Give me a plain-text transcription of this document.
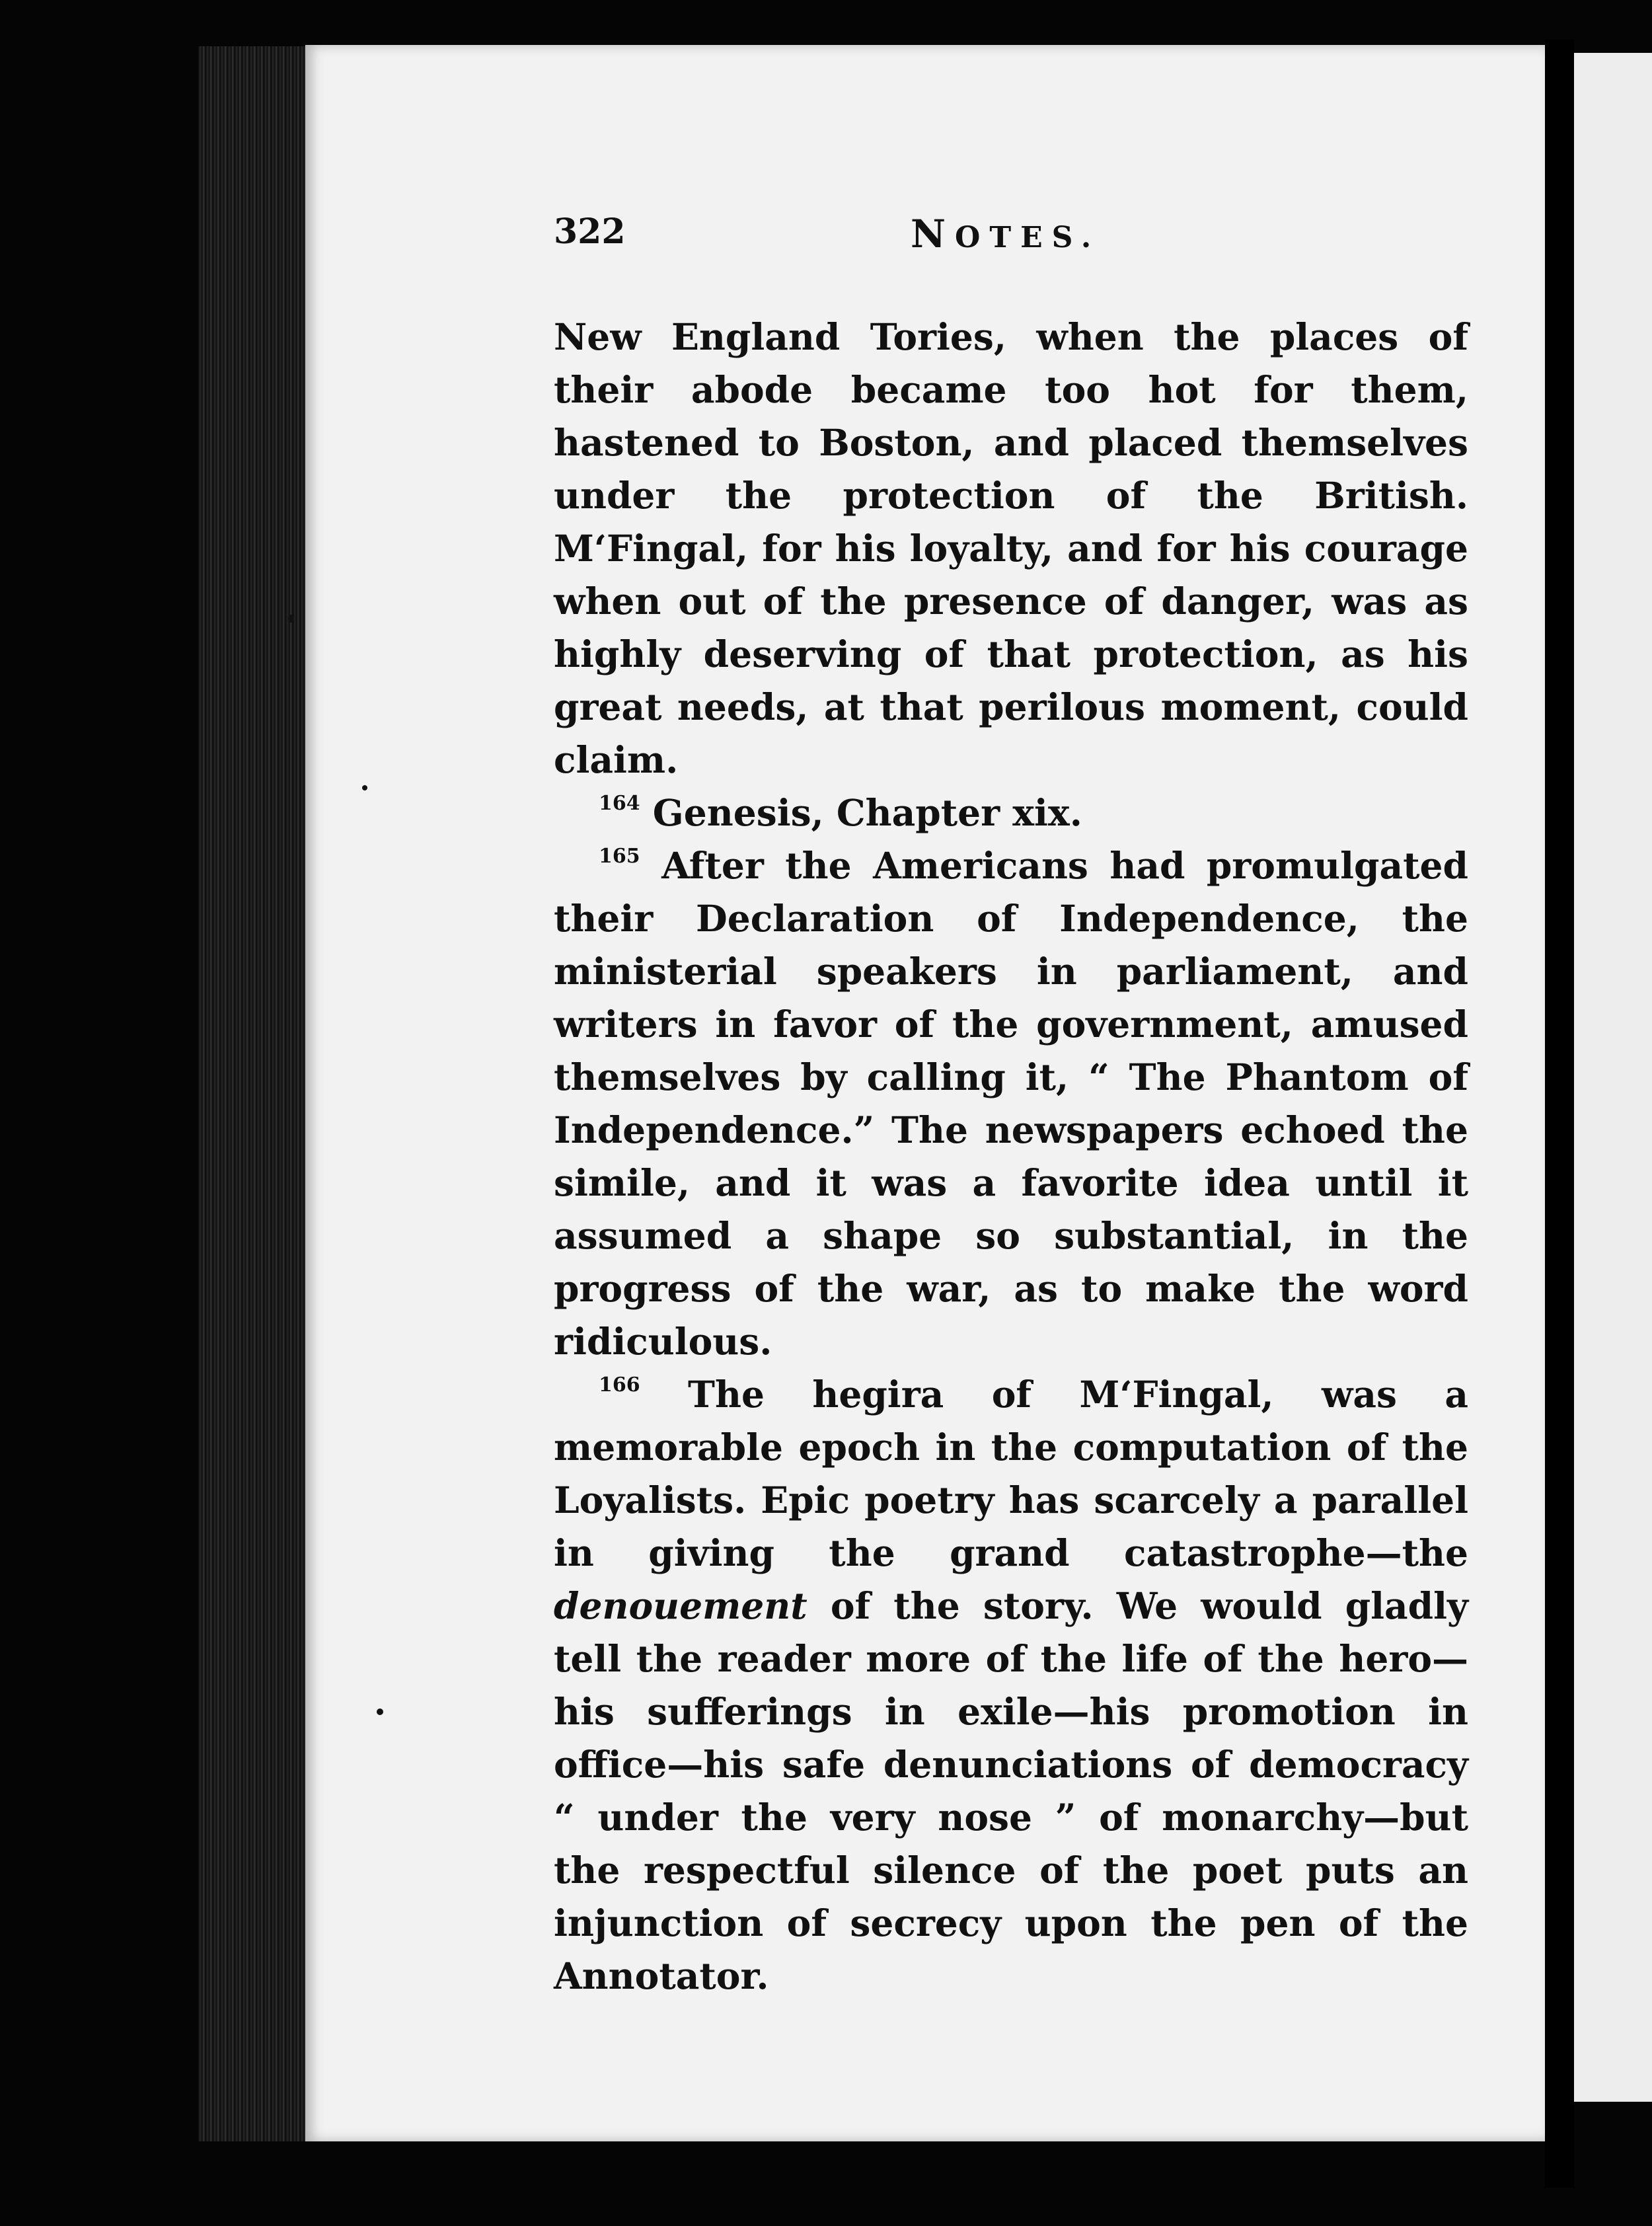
322	NOTES.

New England Tories, when the places of their abode became too hot for them, hastened to Boston, and placed themselves under the protection of the British. M‘Fingal, for his loyalty, and for his courage when out of the presence of danger, was as highly deserving of that protection, as his great needs, at that perilous moment, could claim.

$^{164}$ Genesis, Chapter xix.

$^{165}$ After the Americans had promulgated their Declaration of Independence, the ministerial speakers in parliament, and writers in favor of the government, amused themselves by calling it, “ The Phantom of Independence.” The newspapers echoed the simile, and it was a favorite idea until it assumed a shape so substantial, in the progress of the war, as to make the word ridiculous.

$^{166}$ The hegira of M‘Fingal, was a memorable epoch in the computation of the Loyalists. Epic poetry has scarcely a parallel in giving the grand catastrophe—the denouement of the story. We would gladly tell the reader more of the life of the hero—his sufferings in exile—his promotion in office—his safe denunciations of democracy “ under the very nose ” of monarchy—but the respectful silence of the poet puts an injunction of secrecy upon the pen of the Annotator.
